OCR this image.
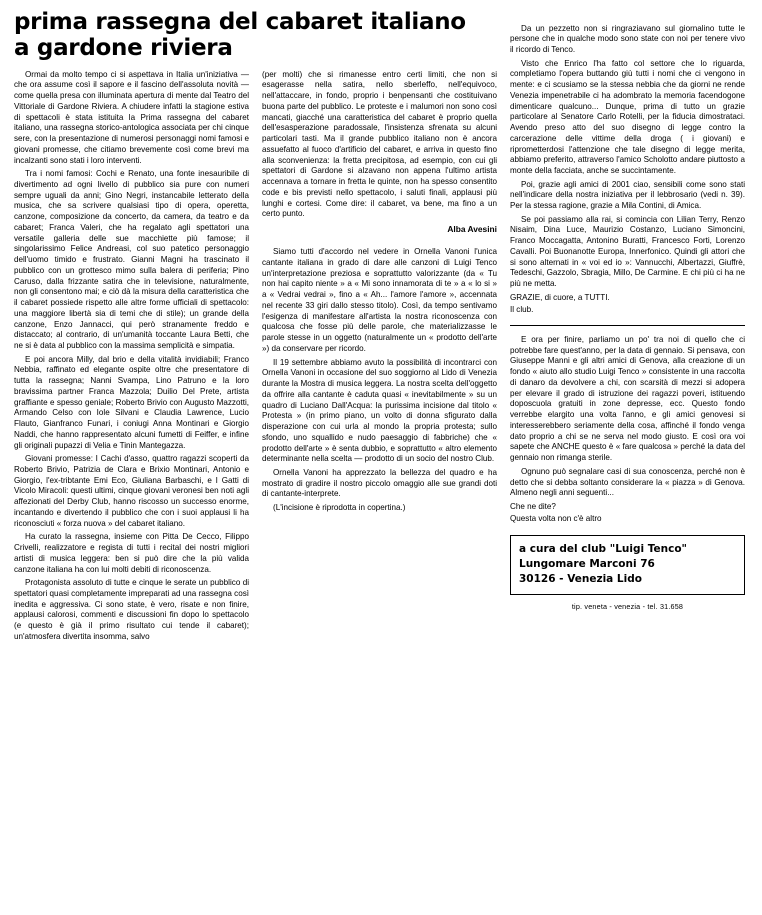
prima rassegna del cabaret italiano
a gardone riviera

Ormai da molto tempo ci si aspettava in Italia un'iniziativa — che ora assume così il sapore e il fascino dell'assoluta novità — come quella presa con illuminata apertura di mente dal Teatro del Vittoriale di Gardone Riviera. A chiudere infatti la stagione estiva di spettacoli è stata istituita la Prima rassegna del cabaret italiano, una rassegna storico-antologica associata per chi cinque sere, con la presentazione di numerosi personaggi nomi famosi e giovani promesse, che citiamo brevemente così come brevi ma incalzanti sono stati i loro interventi.

Tra i nomi famosi: Cochi e Renato, una fonte inesauribile di divertimento ad ogni livello di pubblico sia pure con numeri sempre uguali da anni; Gino Negri, instancabile letterato della musica, che sa scrivere qualsiasi tipo di opera, operetta, canzone, composizione da concerto, da camera, da teatro e da cabaret; Franca Valeri, che ha regalato agli spettatori una versatile galleria delle sue macchiette più famose; il singolarissimo Felice Andreasi, col suo patetico personaggio dell'uomo timido e frustrato. Gianni Magni ha trascinato il pubblico con un grottesco mimo sulla balera di periferia; Pino Caruso, dalla frizzante satira che in televisione, naturalmente, non gli consentono mai; e ciò dà la misura della caratteristica che il cabaret possiede rispetto alle altre forme ufficiali di spettacolo: una maggiore libertà sia di temi che di stile); un grande della canzone, Enzo Jannacci, qui però stranamente freddo e distaccato; al contrario, di un'umanità toccante Laura Betti, che ne si è data al pubblico con la massima semplicità e simpatia.

E poi ancora Milly, dal brio e della vitalità invidiabili; Franco Nebbia, raffinato ed elegante ospite oltre che presentatore di tutta la rassegna; Nanni Svampa, Lino Patruno e la loro bravissima partner Franca Mazzola; Duilio Del Prete, artista graffiante e spesso geniale; Roberto Brivio con Augusto Mazzotti, Armando Celso con Iole Silvani e Claudia Lawrence, Lucio Flauto, Gianfranco Funari, i coniugi Anna Montinari e Giorgio Naddi, che hanno rappresentato alcuni fumetti di Feiffer, e infine gli originali pupazzi di Velia e Tinin Mantegazza.

Giovani promesse: I Cachi d'asso, quattro ragazzi scoperti da Roberto Brivio, Patrizia de Clara e Brixio Montinari, Antonio e Giorgio, l'ex-tribtante Emi Eco, Giuliana Barbaschi, e I Gatti di Vicolo Miracoli: questi ultimi, cinque giovani veronesi ben noti agli affezionati del Derby Club, hanno riscosso un successo enorme, incantando e divertendo il pubblico che con i suoi applausi li ha riconosciuti « forza nuova » del cabaret italiano.

Ha curato la rassegna, insieme con Pitta De Cecco, Filippo Crivelli, realizzatore e regista di tutti i recital dei nostri migliori artisti di musica leggera: ben si può dire che la più valida canzone italiana ha con lui molti debiti di riconoscenza.

Protagonista assoluto di tutte e cinque le serate un pubblico di spettatori quasi completamente impreparati ad una rassegna così inedita e aggressiva. Ci sono state, è vero, risate e non finire, applausi calorosi, commenti e discussioni fin dopo lo spettacolo (e questo è già il primo risultato cui tende il cabaret); un'atmosfera divertita insomma, salvo

(per molti) che si rimanesse entro certi limiti, che non si esagerasse nella satira, nello sberleffo, nell'equivoco, nell'attaccare, in fondo, proprio i benpensanti che costituivano buona parte del pubblico. Le proteste e i malumori non sono così mancati, giacché una caratteristica del cabaret è proprio quella dell'esasperazione paradossale, l'insistenza sfrenata su alcuni particolari tasti. Ma il grande pubblico italiano non è ancora assuefatto al fuoco d'artificio del cabaret, e arriva in questo fino alla sconvenienza: la fretta precipitosa, ad esempio, con cui gli spettatori di Gardone si alzavano non appena l'ultimo artista accennava a tornare in fretta le quinte, non ha spesso consentito code e bis previsti nello spettacolo, i saluti finali, applausi più lunghi e cortesi. Come dire: il cabaret, va bene, ma fino a un certo punto.

Alba Avesini

Siamo tutti d'accordo nel vedere in Ornella Vanoni l'unica cantante italiana in grado di dare alle canzoni di Luigi Tenco un'interpretazione preziosa e soprattutto valorizzante (da « Tu non hai capito niente » a « Mi sono innamorata di te » a « lo si » a « Vedrai vedrai », fino a « Ah... l'amore l'amore », accennata nel recente 33 giri dallo stesso titolo). Così, da tempo sentivamo l'esigenza di manifestare all'artista la nostra riconoscenza con qualcosa che fosse più delle parole, che materializzasse le parole stesse in un oggetto (naturalmente un « prodotto dell'arte ») da conservare per ricordo.

Il 19 settembre abbiamo avuto la possibilità di incontrarci con Ornella Vanoni in occasione del suo soggiorno al Lido di Venezia durante la Mostra di musica leggera. La nostra scelta dell'oggetto da offrire alla cantante è caduta quasi « inevitabilmente » su un quadro di Luciano Dall'Acqua: la purissima incisione dal titolo « Protesta » (in primo piano, un volto di donna sfigurato dalla disperazione con cui urla al mondo la propria protesta; sullo sfondo, uno squallido e nudo paesaggio di fabbriche) che « prodotto dell'arte » è senta dubbio, e soprattutto « altro elemento determinante nella scelta — prodotto di un socio del nostro Club.

Ornella Vanoni ha apprezzato la bellezza del quadro e ha mostrato di gradire il nostro piccolo omaggio alle sue grandi doti di cantante-interprete.

(L'incisione è riprodotta in copertina.)

Da un pezzetto non si ringraziavano sul giornalino tutte le persone che in qualche modo sono state con noi per tenere vivo il ricordo di Tenco.

Visto che Enrico l'ha fatto col settore che lo riguarda, completiamo l'opera buttando giù tutti i nomi che ci vengono in mente: e ci scusiamo se la stessa nebbia che da giorni ne rende Venezia impenetrabile ci ha adombrato la memoria facendogone dimenticare qualcuno... Dunque, prima di tutto un grazie particolare al Senatore Carlo Rotelli, per la fiducia dimostrataci. Avendo preso atto del suo disegno di legge contro la carcerazione delle vittime della droga ( i giovani) e riprometterdosi l'attenzione che tale disegno di legge merita, abbiamo preferito, attraverso l'amico Scholotto andare piuttosto a monte della facciata, anche se succintamente.

Poi, grazie agli amici di 2001 ciao, sensibili come sono stati nell'indicare della nostra iniziativa per il lebbrosario (vedi n. 39). Per la stessa ragione, grazie a Mila Contini, di Amica.

Se poi passiamo alla rai, si comincia con Lilian Terry, Renzo Nisaim, Dina Luce, Maurizio Costanzo, Luciano Simoncini, Franco Moccagatta, Antonino Buratti, Francesco Forti, Lorenzo Cavalli. Poi Buonanotte Europa, Innerfonico. Quindi gli attori che si sono alternati in « voi ed io »: Vannucchi, Albertazzi, Giuffrè, Tedeschi, Gazzolo, Sbragia, Millo, De Carmine. E chi più ci ha ne più ne metta.

GRAZIE, di cuore, a TUTTI.

Il club.

E ora per finire, parliamo un po' tra noi di quello che ci potrebbe fare quest'anno, per la data di gennaio. Si pensava, con Giuseppe Manni e gli altri amici di Genova, alla creazione di un fondo « aiuto allo studio Luigi Tenco » consistente in una raccolta di danaro da devolvere a chi, con scarsità di mezzi si adopera per elevare il grado di istruzione dei ragazzi poveri, istituendo doposcuola gratuiti in zone depresse, ecc. Questo fondo verrebbe elargito una volta l'anno, e gli amici genovesi si interesserebbero seriamente della cosa, affinché il fondo venga dato proprio a chi se ne serva nel modo giusto. E così ora voi sapete che ANCHE questo è « fare qualcosa » perché la data del gennaio non rimanga sterile.

Ognuno può segnalare casi di sua conoscenza, perché non è detto che si debba soltanto considerare la « piazza » di Genova. Almeno negli anni seguenti...

Che ne dite?

Questa volta non c'è altro

a cura del club "Luigi Tenco"
Lungomare Marconi 76
30126 - Venezia Lido
tip. veneta - venezia - tel. 31.658
